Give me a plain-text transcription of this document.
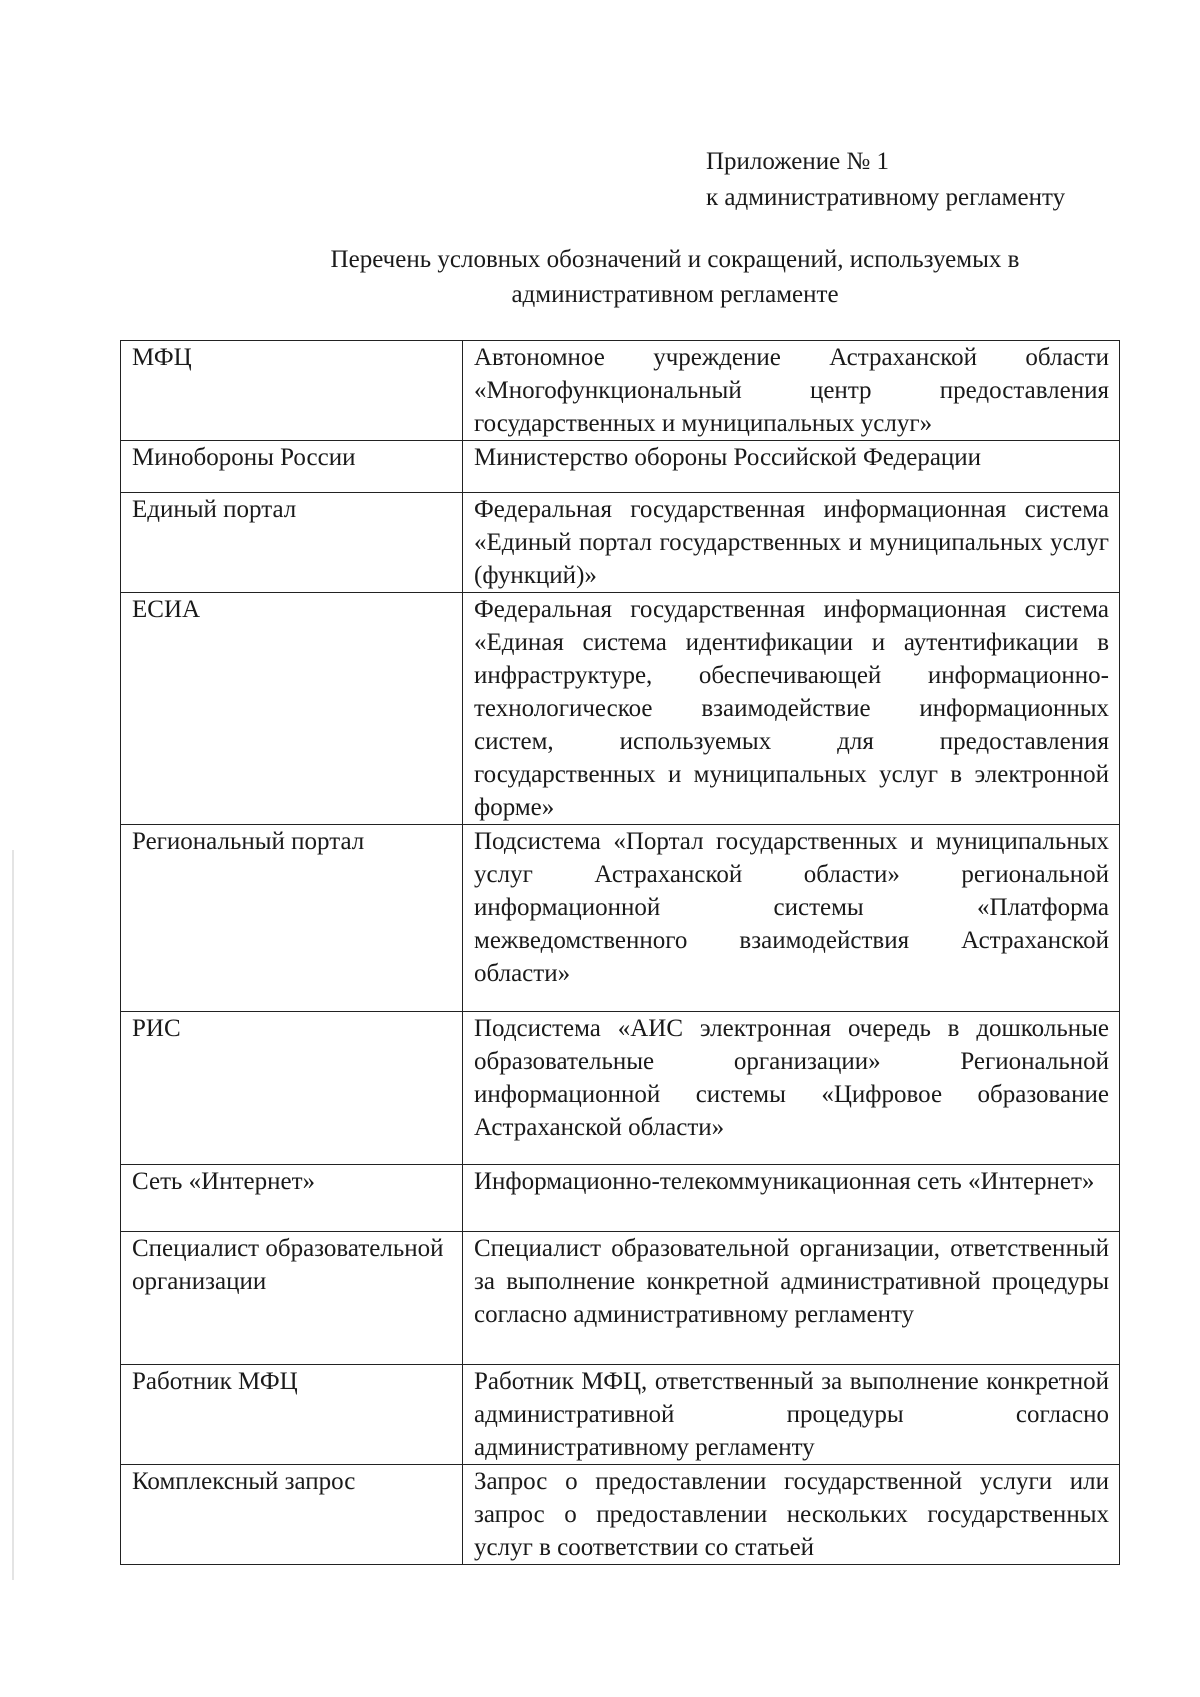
Приложение № 1
к административному регламенту
Перечень условных обозначений и сокращений, используемых в
административном регламенте
МФЦ	Автономное учреждение Астраханской области «Многофункциональный центр предоставления государственных и муниципальных услуг»
Минобороны России	Министерство обороны Российской Федерации
Единый портал	Федеральная государственная информационная система «Единый портал государственных и муниципальных услуг (функций)»
ЕСИА	Федеральная государственная информационная система «Единая система идентификации и аутентификации в инфраструктуре, обеспечивающей информационно-технологическое взаимодействие информационных систем, используемых для предоставления государственных и муниципальных услуг в электронной форме»
Региональный портал	Подсистема «Портал государственных и муниципальных услуг Астраханской области» региональной информационной системы «Платформа межведомственного взаимодействия Астраханской области»
РИС	Подсистема «АИС электронная очередь в дошкольные образовательные организации» Региональной информационной системы «Цифровое образование Астраханской области»
Сеть «Интернет»	Информационно-телекоммуникационная сеть «Интернет»
Специалист образовательной организации	Специалист образовательной организации, ответственный за выполнение конкретной административной процедуры согласно административному регламенту
Работник МФЦ	Работник МФЦ, ответственный за выполнение конкретной административной процедуры согласно административному регламенту
Комплексный запрос	Запрос о предоставлении государственной услуги или запрос о предоставлении нескольких государственных услуг в соответствии со статьей
